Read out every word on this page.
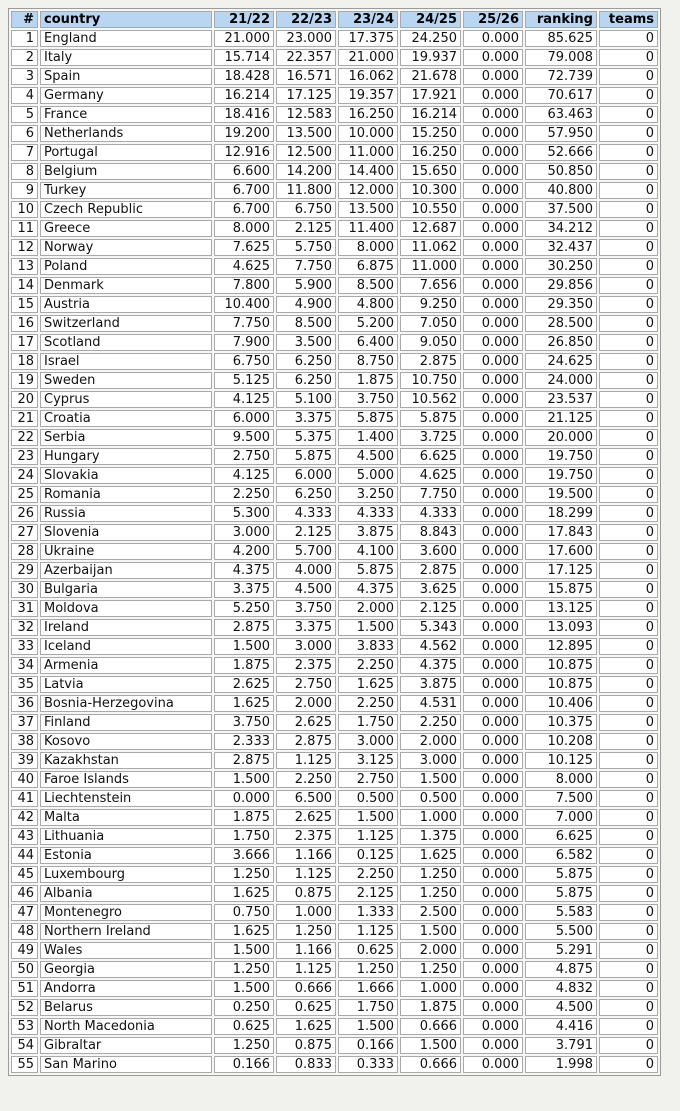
#	country	21/22	22/23	23/24	24/25	25/26	ranking	teams
1	England	21.000	23.000	17.375	24.250	0.000	85.625	0
2	Italy	15.714	22.357	21.000	19.937	0.000	79.008	0
3	Spain	18.428	16.571	16.062	21.678	0.000	72.739	0
4	Germany	16.214	17.125	19.357	17.921	0.000	70.617	0
5	France	18.416	12.583	16.250	16.214	0.000	63.463	0
6	Netherlands	19.200	13.500	10.000	15.250	0.000	57.950	0
7	Portugal	12.916	12.500	11.000	16.250	0.000	52.666	0
8	Belgium	6.600	14.200	14.400	15.650	0.000	50.850	0
9	Turkey	6.700	11.800	12.000	10.300	0.000	40.800	0
10	Czech Republic	6.700	6.750	13.500	10.550	0.000	37.500	0
11	Greece	8.000	2.125	11.400	12.687	0.000	34.212	0
12	Norway	7.625	5.750	8.000	11.062	0.000	32.437	0
13	Poland	4.625	7.750	6.875	11.000	0.000	30.250	0
14	Denmark	7.800	5.900	8.500	7.656	0.000	29.856	0
15	Austria	10.400	4.900	4.800	9.250	0.000	29.350	0
16	Switzerland	7.750	8.500	5.200	7.050	0.000	28.500	0
17	Scotland	7.900	3.500	6.400	9.050	0.000	26.850	0
18	Israel	6.750	6.250	8.750	2.875	0.000	24.625	0
19	Sweden	5.125	6.250	1.875	10.750	0.000	24.000	0
20	Cyprus	4.125	5.100	3.750	10.562	0.000	23.537	0
21	Croatia	6.000	3.375	5.875	5.875	0.000	21.125	0
22	Serbia	9.500	5.375	1.400	3.725	0.000	20.000	0
23	Hungary	2.750	5.875	4.500	6.625	0.000	19.750	0
24	Slovakia	4.125	6.000	5.000	4.625	0.000	19.750	0
25	Romania	2.250	6.250	3.250	7.750	0.000	19.500	0
26	Russia	5.300	4.333	4.333	4.333	0.000	18.299	0
27	Slovenia	3.000	2.125	3.875	8.843	0.000	17.843	0
28	Ukraine	4.200	5.700	4.100	3.600	0.000	17.600	0
29	Azerbaijan	4.375	4.000	5.875	2.875	0.000	17.125	0
30	Bulgaria	3.375	4.500	4.375	3.625	0.000	15.875	0
31	Moldova	5.250	3.750	2.000	2.125	0.000	13.125	0
32	Ireland	2.875	3.375	1.500	5.343	0.000	13.093	0
33	Iceland	1.500	3.000	3.833	4.562	0.000	12.895	0
34	Armenia	1.875	2.375	2.250	4.375	0.000	10.875	0
35	Latvia	2.625	2.750	1.625	3.875	0.000	10.875	0
36	Bosnia-Herzegovina	1.625	2.000	2.250	4.531	0.000	10.406	0
37	Finland	3.750	2.625	1.750	2.250	0.000	10.375	0
38	Kosovo	2.333	2.875	3.000	2.000	0.000	10.208	0
39	Kazakhstan	2.875	1.125	3.125	3.000	0.000	10.125	0
40	Faroe Islands	1.500	2.250	2.750	1.500	0.000	8.000	0
41	Liechtenstein	0.000	6.500	0.500	0.500	0.000	7.500	0
42	Malta	1.875	2.625	1.500	1.000	0.000	7.000	0
43	Lithuania	1.750	2.375	1.125	1.375	0.000	6.625	0
44	Estonia	3.666	1.166	0.125	1.625	0.000	6.582	0
45	Luxembourg	1.250	1.125	2.250	1.250	0.000	5.875	0
46	Albania	1.625	0.875	2.125	1.250	0.000	5.875	0
47	Montenegro	0.750	1.000	1.333	2.500	0.000	5.583	0
48	Northern Ireland	1.625	1.250	1.125	1.500	0.000	5.500	0
49	Wales	1.500	1.166	0.625	2.000	0.000	5.291	0
50	Georgia	1.250	1.125	1.250	1.250	0.000	4.875	0
51	Andorra	1.500	0.666	1.666	1.000	0.000	4.832	0
52	Belarus	0.250	0.625	1.750	1.875	0.000	4.500	0
53	North Macedonia	0.625	1.625	1.500	0.666	0.000	4.416	0
54	Gibraltar	1.250	0.875	0.166	1.500	0.000	3.791	0
55	San Marino	0.166	0.833	0.333	0.666	0.000	1.998	0
